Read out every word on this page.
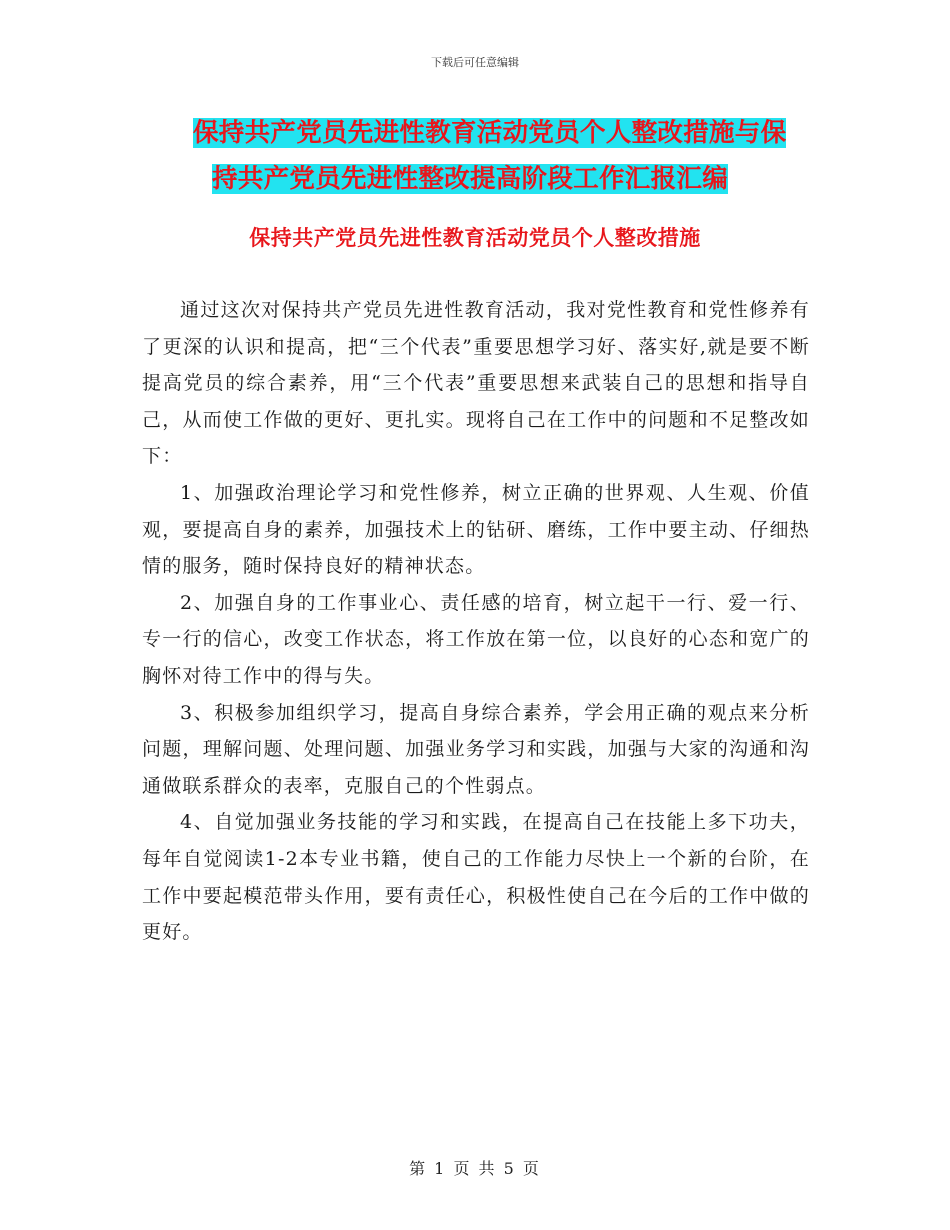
下载后可任意编辑
保持共产党员先进性教育活动党员个人整改措施与保
持共产党员先进性整改提高阶段工作汇报汇编
保持共产党员先进性教育活动党员个人整改措施

通过这次对保持共产党员先进性教育活动，我对党性教育和党性修养有了更深的认识和提高，把“三个代表”重要思想学习好、落实好,就是要不断提高党员的综合素养，用“三个代表”重要思想来武装自己的思想和指导自己，从而使工作做的更好、更扎实。现将自己在工作中的问题和不足整改如下：

1、加强政治理论学习和党性修养，树立正确的世界观、人生观、价值观，要提高自身的素养，加强技术上的钻研、磨练，工作中要主动、仔细热情的服务，随时保持良好的精神状态。

2、加强自身的工作事业心、责任感的培育，树立起干一行、爱一行、专一行的信心，改变工作状态，将工作放在第一位，以良好的心态和宽广的胸怀对待工作中的得与失。

3、积极参加组织学习，提高自身综合素养，学会用正确的观点来分析问题，理解问题、处理问题、加强业务学习和实践，加强与大家的沟通和沟通做联系群众的表率，克服自己的个性弱点。

4、自觉加强业务技能的学习和实践，在提高自己在技能上多下功夫，每年自觉阅读1-2本专业书籍，使自己的工作能力尽快上一个新的台阶，在工作中要起模范带头作用，要有责任心，积极性使自己在今后的工作中做的更好。

第 1 页 共 5 页
